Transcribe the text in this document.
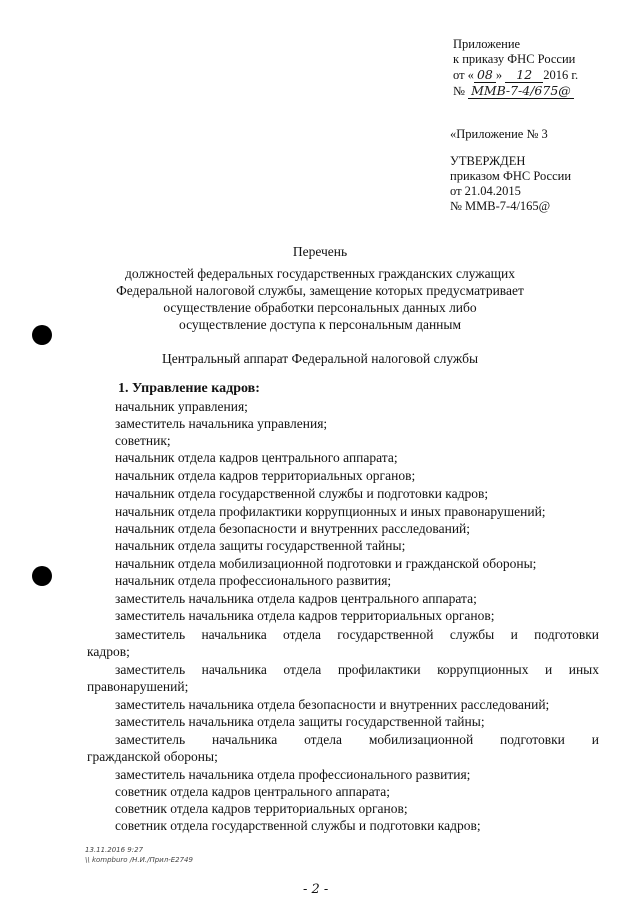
Приложение
к приказу ФНС России
от « 08 » 12 2016 г.
№ ММВ-7-4/675@
«Приложение № 3
УТВЕРЖДЕН
приказом ФНС России
от 21.04.2015
№ ММВ-7-4/165@
Перечень
должностей федеральных государственных гражданских служащих
Федеральной налоговой службы, замещение которых предусматривает
осуществление обработки персональных данных либо
осуществление доступа к персональным данным
Центральный аппарат Федеральной налоговой службы
1. Управление кадров:
начальник управления;
заместитель начальника управления;
советник;
начальник отдела кадров центрального аппарата;
начальник отдела кадров территориальных органов;
начальник отдела государственной службы и подготовки кадров;
начальник отдела профилактики коррупционных и иных правонарушений;
начальник отдела безопасности и внутренних расследований;
начальник отдела защиты государственной тайны;
начальник отдела мобилизационной подготовки и гражданской обороны;
начальник отдела профессионального развития;
заместитель начальника отдела кадров центрального аппарата;
заместитель начальника отдела кадров территориальных органов;
заместитель начальника отдела государственной службы и подготовки
кадров;
заместитель начальника отдела профилактики коррупционных и иных
правонарушений;
заместитель начальника отдела безопасности и внутренних расследований;
заместитель начальника отдела защиты государственной тайны;
заместитель начальника отдела мобилизационной подготовки и
гражданской обороны;
заместитель начальника отдела профессионального развития;
советник отдела кадров центрального аппарата;
советник отдела кадров территориальных органов;
советник отдела государственной службы и подготовки кадров;
13.11.2016 9:27
\\ kompburo /Н.И./Прил-Е2749
- 2 -
